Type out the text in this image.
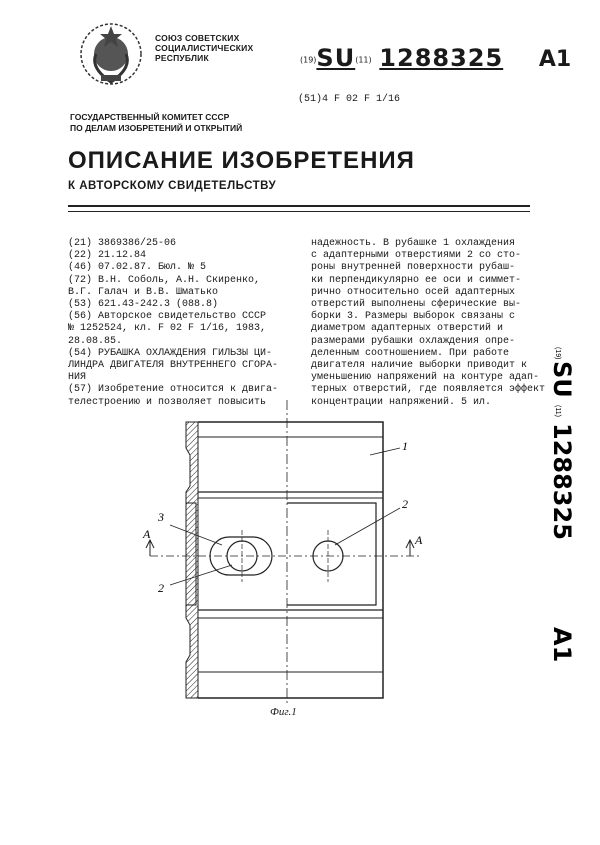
СОЮЗ СОВЕТСКИХ
СОЦИАЛИСТИЧЕСКИХ
РЕСПУБЛИК	(19)SU(11) 1288325 A1
(51)4 F 02 F 1/16
ГОСУДАРСТВЕННЫЙ КОМИТЕТ СССР
ПО ДЕЛАМ ИЗОБРЕТЕНИЙ И ОТКРЫТИЙ
ОПИСАНИЕ ИЗОБРЕТЕНИЯ
К АВТОРСКОМУ СВИДЕТЕЛЬСТВУ
(21) 3869386/25-06
(22) 21.12.84
(46) 07.02.87. Бюл. № 5
(72) В.Н. Соболь, А.Н. Скиренко,
В.Г. Галач и В.В. Шматько
(53) 621.43-242.3 (088.8)
(56) Авторское свидетельство СССР
№ 1252524, кл. F 02 F 1/16, 1983,
28.08.85.
(54) РУБАШКА ОХЛАЖДЕНИЯ ГИЛЬЗЫ ЦИ-
ЛИНДРА ДВИГАТЕЛЯ ВНУТРЕННЕГО СГОРА-
НИЯ
(57) Изобретение относится к двига-
телестроению и позволяет повысить
надежность. В рубашке 1 охлаждения
с адаптерными отверстиями 2 со сто-
роны внутренней поверхности рубаш-
ки перпендикулярно ее оси и симмет-
рично относительно осей адаптерных
отверстий выполнены сферические вы-
борки 3. Размеры выборок связаны с
диаметром адаптерных отверстий и
размерами рубашки охлаждения опре-
деленным соотношением. При работе
двигателя наличие выборки приводит к
уменьшению напряжений на контуре адап-
терных отверстий, где появляется эффект
концентрации напряжений. 5 ил.
(19)
SU
(11)
1288325
A1
1
2
3
2
A	A
Фиг.1
